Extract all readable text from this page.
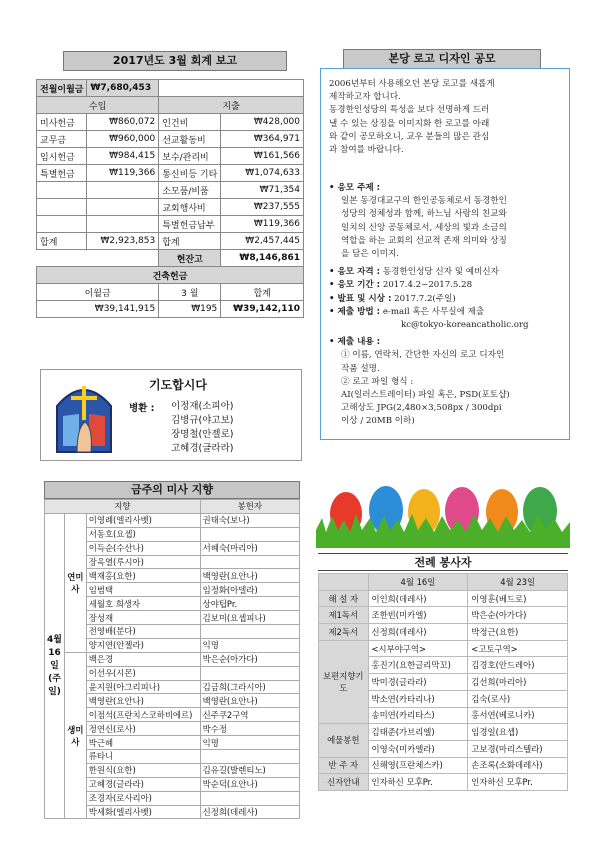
2017년도 3월 회계 보고
전월이월금	₩7,680,453		
수입		지출	
미사헌금	₩860,072	인건비	₩428,000
교무금	₩960,000	선교활동비	₩364,971
임시헌금	₩984,415	보수/관리비	₩161,566
특별헌금	₩119,366	통신비등 기타	₩1,074,633
		소모품/비품	₩71,354
		교회행사비	₩237,555
		특별헌금납부	₩119,366
합계	₩2,923,853	합계	₩2,457,445
		현잔고	₩8,146,861
건축헌금			
이월금		3 월	합계
₩39,141,915		₩195	₩39,142,110
본당 로고 디자인 공모

2006년부터 사용해오던 본당 로고를 새롭게

제작하고자 합니다.

동경한인성당의 특성을 보다 선명하게 드러

낼 수 있는 상징을 이미지화 한 로고를 아래

와 같이 공모하오니, 교우 분들의 많은 관심

과 참여를 바랍니다.

• 응모 주제 :

일본 동경대교구의 한인공동체로서 동경한인

성당의 정체성과 함께, 하느님 사랑의 친교와

일치의 신앙 공동체로서, 세상의 빛과 소금의

역할을 하는 교회의 선교적 존재 의미와 상징

을 담은 이미지.

• 응모 자격 : 동경한인성당 신자 및 예비신자

• 응모 기간 : 2017.4.2~2017.5.28

• 발표 및 시상 : 2017.7.2(주일)

• 제출 방법 : e-mail 혹은 사무실에 제출

kc@tokyo-koreancatholic.org

• 제출 내용 :

① 이름, 연락처, 간단한 자신의 로고 디자인

작품 설명.

② 로고 파일 형식 :

AI(일러스트레이터) 파일 혹은, PSD(포토샵)

고해상도 JPG(2,480×3,508px / 300dpi

이상 / 20MB 이하)

기도합시다
병환 : 이정재(소피아)
김병규(야고보)
장명철(안젤로)
고혜경(글라라)
금주의 미사 지향
지향			봉헌자
4월16일(주일)	연미사	이영례(엘리사벳)	권태숙(보나)
		서동호(요셉)	
		이득순(수산나)	서혜숙(마리아)
		장옥열(루시아)	
		백재홍(요한)	백영란(요안나)
		임범택	임정화(아델라)
		세월호 희생자	상야팁Pr.
		장성재	김보미(요셉피나)
		전영배(분다)	
		양지연(안젤라)	익명
	생미사	백은경	박은순(아가다)
		이선우(시몬)	
		윤지원(아그리피나)	김금희(그라시아)
		백영란(요안나)	백영란(요안나)
		이점석(프란치스코하비에르)	신주쿠2구역
		정연신(로사)	박수정
		박근혜	익명
		류타니	
		한원식(요한)	김유길(발렌티노)
		고혜경(글라라)	박순덕(요안나)
		조경자(로사리아)	
		박세화(엘리사벳)	신정희(데레사)
전례 봉사자
	4월 16일	4월 23일
해 설 자	이인희(데레사)	이영훈(베드로)
제1독서	조한빈(미카엘)	박은순(아가다)
제2독서	신정희(데레사)	박정근(요한)
보편지향기도	<시부야구역>	<고토구역>
	홍진기(요한글리막꼬)	김경호(안드레아)
	박미경(글라라)	김선희(마리아)
	박소연(카타리나)	김숙(로사)
	송미연(카리타스)	홍서연(베로니카)
예물봉헌	김태준(가브리엘)	임경일(요셉)
	이영숙(미카엘라)	고보경(마리스텔라)
반 주 자	신해영(프란체스카)	손조록(소화데레사)
신자안내	인자하신 모후Pr.	인자하신 모후Pr.
